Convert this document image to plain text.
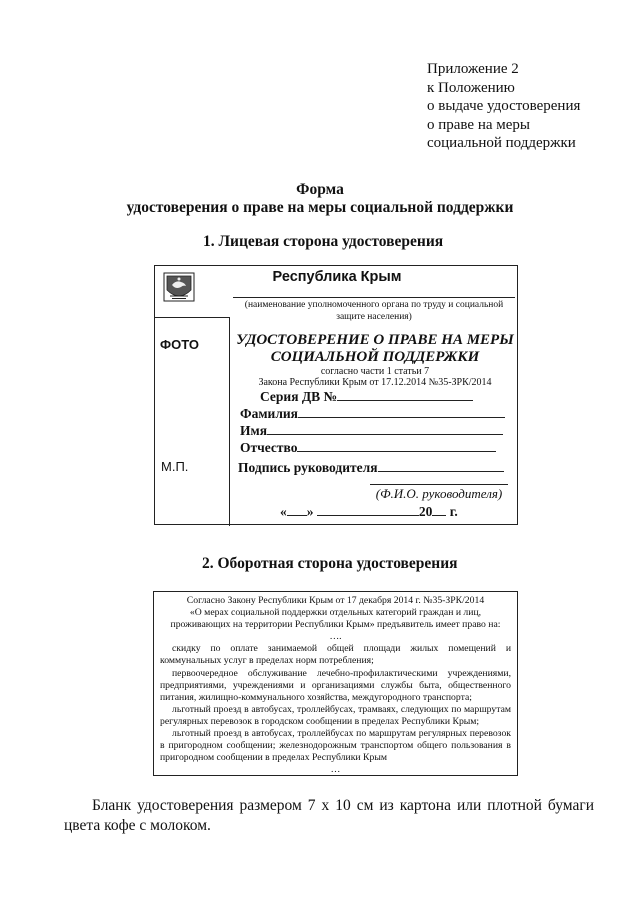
Приложение 2
к Положению
о выдаче удостоверения
о праве на меры
социальной поддержки
Форма
удостоверения о праве на меры социальной поддержки
1. Лицевая сторона удостоверения
Республика Крым
(наименование уполномоченного органа по труду и социальной защите населения)
ФОТО
М.П.
УДОСТОВЕРЕНИЕ О ПРАВЕ НА МЕРЫ СОЦИАЛЬНОЙ ПОДДЕРЖКИ
согласно части 1 статьи 7
Закона Республики Крым от 17.12.2014 №35-ЗРК/2014
Серия ДВ №
Фамилия
Имя
Отчество
Подпись руководителя
(Ф.И.О. руководителя)
« »	20 г.
2. Оборотная сторона удостоверения
Согласно Закону Республики Крым от 17 декабря 2014 г. №35-ЗРК/2014
«О мерах социальной поддержки отдельных категорий граждан и лиц,
проживающих на территории Республики Крым» предъявитель имеет право на:
….
скидку по оплате занимаемой общей площади жилых помещений и коммунальных услуг в пределах норм потребления;
первоочередное обслуживание лечебно-профилактическими учреждениями, предприятиями, учреждениями и организациями службы быта, общественного питания, жилищно-коммунального хозяйства, междугородного транспорта;
льготный проезд в автобусах, троллейбусах, трамваях, следующих по маршрутам регулярных перевозок в городском сообщении в пределах Республики Крым;
льготный проезд в автобусах, троллейбусах по маршрутам регулярных перевозок в пригородном сообщении; железнодорожным транспортом общего пользования в пригородном сообщении в пределах Республики Крым
…
Бланк удостоверения размером 7 х 10 см из картона или плотной бумаги
цвета кофе с молоком.
